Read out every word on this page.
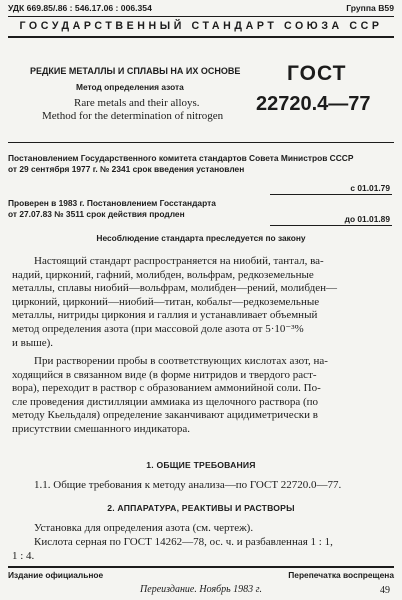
УДК 669.85/.86 : 546.17.06 : 006.354	Группа В59
ГОСУДАРСТВЕННЫЙ СТАНДАРТ СОЮЗА ССР
РЕДКИЕ МЕТАЛЛЫ И СПЛАВЫ НА ИХ ОСНОВЕ
Метод определения азота
Rare metals and their alloys.
Method for the determination of nitrogen
ГОСТ
22720.4—77
Постановлением Государственного комитета стандартов Совета Министров СССР
от 29 сентября 1977 г. № 2341 срок введения установлен
с 01.01.79
Проверен в 1983 г. Постановлением Госстандарта
от 27.07.83 № 3511 срок действия продлен	до 01.01.89
Несоблюдение стандарта преследуется по закону
Настоящий стандарт распространяется на ниобий, тантал, ва-
надий, цирконий, гафний, молибден, вольфрам, редкоземельные
металлы, сплавы ниобий—вольфрам, молибден—рений, молибден—
цирконий, цирконий—ниобий—титан, кобальт—редкоземельные
металлы, нитриды циркония и галлия и устанавливает объемный
метод определения азота (при массовой доле азота от 5·10⁻³%
и выше).
При растворении пробы в соответствующих кислотах азот, на-
ходящийся в связанном виде (в форме нитридов и твердого раст-
вора), переходит в раствор с образованием аммонийной соли. По-
сле проведения дистилляции аммиака из щелочного раствора (по
методу Кьельдаля) определение заканчивают ацидиметрически в
присутствии смешанного индикатора.
1. ОБЩИЕ ТРЕБОВАНИЯ
1.1. Общие требования к методу анализа—по ГОСТ 22720.0—77.
2. АППАРАТУРА, РЕАКТИВЫ И РАСТВОРЫ
Установка для определения азота (см. чертеж).
Кислота серная по ГОСТ 14262—78, ос. ч. и разбавленная 1 : 1,
1 : 4.
Издание официальное	Перепечатка воспрещена
Переиздание. Ноябрь 1983 г.	49
